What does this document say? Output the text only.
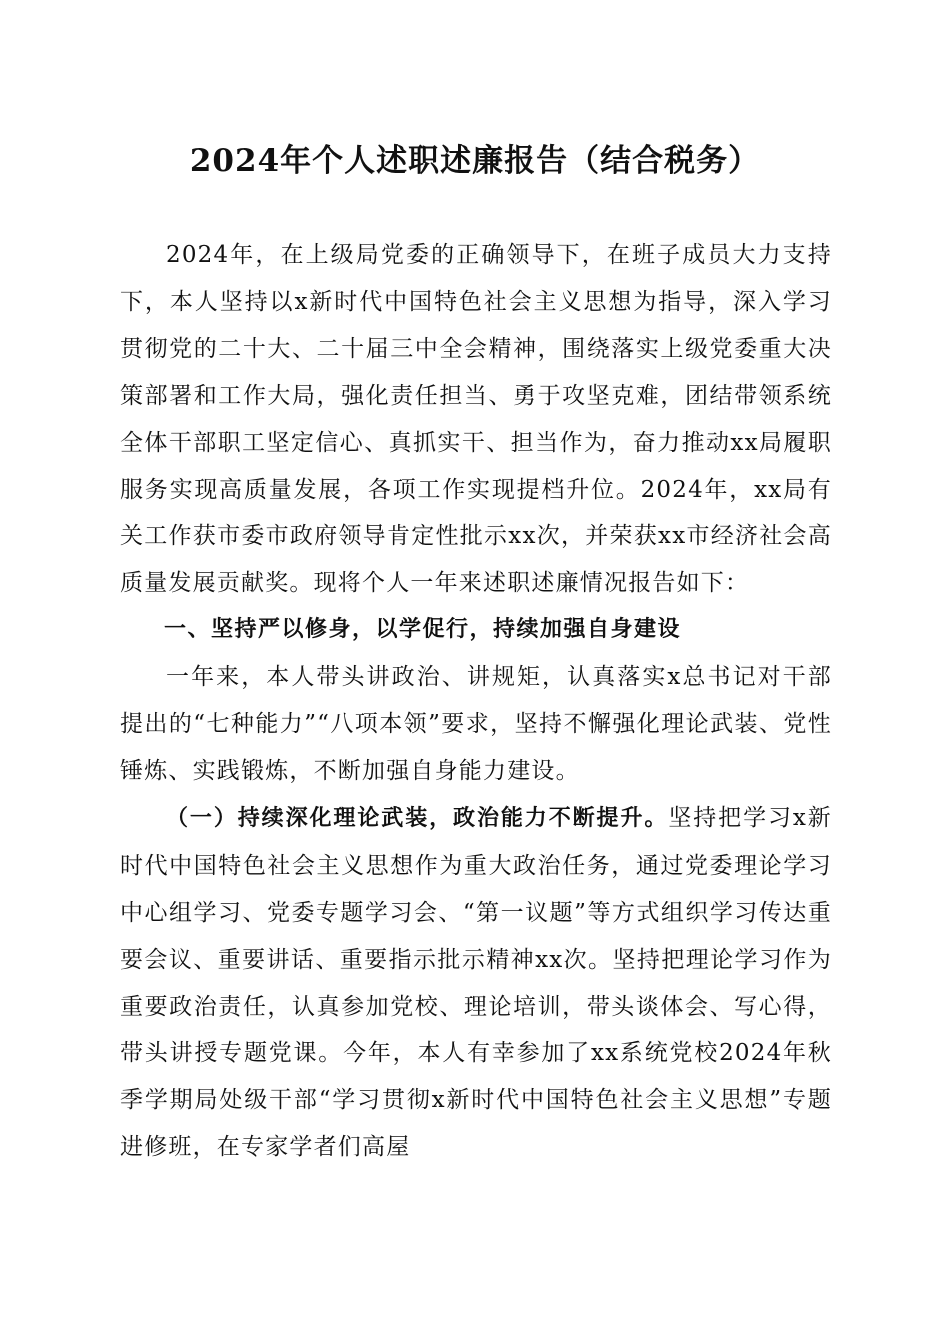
2024年个人述职述廉报告（结合税务）

2024年，在上级局党委的正确领导下，在班子成员大力支持下，本人坚持以x新时代中国特色社会主义思想为指导，深入学习贯彻党的二十大、二十届三中全会精神，围绕落实上级党委重大决策部署和工作大局，强化责任担当、勇于攻坚克难，团结带领系统全体干部职工坚定信心、真抓实干、担当作为，奋力推动xx局履职服务实现高质量发展，各项工作实现提档升位。2024年，xx局有关工作获市委市政府领导肯定性批示xx次，并荣获xx市经济社会高质量发展贡献奖。现将个人一年来述职述廉情况报告如下：

一、坚持严以修身，以学促行，持续加强自身建设

一年来，本人带头讲政治、讲规矩，认真落实x总书记对干部提出的“七种能力”“八项本领”要求，坚持不懈强化理论武装、党性锤炼、实践锻炼，不断加强自身能力建设。

（一）持续深化理论武装，政治能力不断提升。坚持把学习x新时代中国特色社会主义思想作为重大政治任务，通过党委理论学习中心组学习、党委专题学习会、“第一议题”等方式组织学习传达重要会议、重要讲话、重要指示批示精神xx次。坚持把理论学习作为重要政治责任，认真参加党校、理论培训，带头谈体会、写心得，带头讲授专题党课。今年，本人有幸参加了xx系统党校2024年秋季学期局处级干部“学习贯彻x新时代中国特色社会主义思想”专题进修班，在专家学者们高屋
